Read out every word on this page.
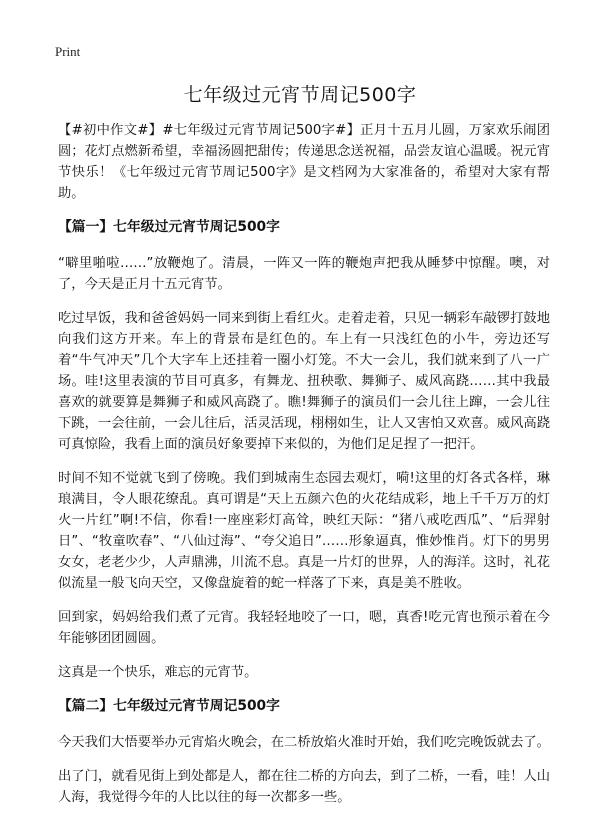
Print
七年级过元宵节周记500字

【#初中作文#】#七年级过元宵节周记500字#】正月十五月儿圆，万家欢乐闹团圆；花灯点燃新希望，幸福汤圆把甜传；传递思念送祝福，品尝友谊心温暖。祝元宵节快乐！《七年级过元宵节周记500字》是文档网为大家准备的，希望对大家有帮助。

【篇一】七年级过元宵节周记500字

“噼里啪啦……”放鞭炮了。清晨，一阵又一阵的鞭炮声把我从睡梦中惊醒。噢，对了，今天是正月十五元宵节。

吃过早饭，我和爸爸妈妈一同来到街上看红火。走着走着，只见一辆彩车敲锣打鼓地向我们这方开来。车上的背景布是红色的。车上有一只浅红色的小牛，旁边还写着“牛气冲天”几个大字车上还挂着一圈小灯笼。不大一会儿，我们就来到了八一广场。哇!这里表演的节目可真多，有舞龙、扭秧歌、舞狮子、威风高跷……其中我最喜欢的就要算是舞狮子和威风高跷了。瞧!舞狮子的演员们一会儿往上蹿，一会儿往下跳，一会往前，一会儿往后，活灵活现，栩栩如生，让人又害怕又欢喜。威风高跷可真惊险，我看上面的演员好象要掉下来似的，为他们足足捏了一把汗。

时间不知不觉就飞到了傍晚。我们到城南生态园去观灯，嗬!这里的灯各式各样，琳琅满目，令人眼花缭乱。真可谓是“天上五颜六色的火花结成彩，地上千千万万的灯火一片红”啊!不信，你看!一座座彩灯高耸，映红天际：“猪八戒吃西瓜”、“后羿射日”、“牧童吹春”、“八仙过海”、“夸父追日”……形象逼真，惟妙惟肖。灯下的男男女女，老老少少，人声鼎沸，川流不息。真是一片灯的世界，人的海洋。这时，礼花似流星一般飞向天空，又像盘旋着的蛇一样落了下来，真是美不胜收。

回到家，妈妈给我们煮了元宵。我轻轻地咬了一口，嗯，真香!吃元宵也预示着在今年能够团团圆圆。

这真是一个快乐，难忘的元宵节。

【篇二】七年级过元宵节周记500字

今天我们大悟要举办元宵焰火晚会，在二桥放焰火准时开始，我们吃完晚饭就去了。

出了门，就看见街上到处都是人，都在往二桥的方向去，到了二桥，一看，哇！人山人海，我觉得今年的人比以往的每一次都多一些。
